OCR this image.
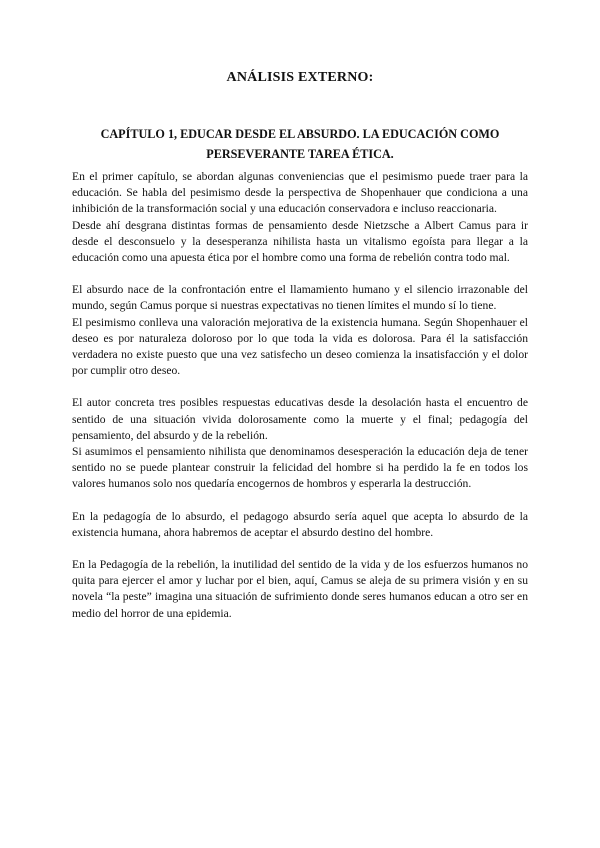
ANÁLISIS EXTERNO:
CAPÍTULO 1, EDUCAR DESDE EL ABSURDO. LA EDUCACIÓN COMO
PERSEVERANTE TAREA ÉTICA.

En el primer capítulo, se abordan algunas conveniencias que el pesimismo puede traer para la educación. Se habla del pesimismo desde la perspectiva de Shopenhauer que condiciona a una inhibición de la transformación social y una educación conservadora e incluso reaccionaria.

Desde ahí desgrana distintas formas de pensamiento desde Nietzsche a Albert Camus para ir desde el desconsuelo y la desesperanza nihilista hasta un vitalismo egoísta para llegar a la educación como una apuesta ética por el hombre como una forma de rebelión contra todo mal.

El absurdo nace de la confrontación entre el llamamiento humano y el silencio irrazonable del mundo, según Camus porque si nuestras expectativas no tienen límites el mundo sí lo tiene.

El pesimismo conlleva una valoración mejorativa de la existencia humana. Según Shopenhauer el deseo es por naturaleza doloroso por lo que toda la vida es dolorosa. Para él la satisfacción verdadera no existe puesto que una vez satisfecho un deseo comienza la insatisfacción y el dolor por cumplir otro deseo.

El autor concreta tres posibles respuestas educativas desde la desolación hasta el encuentro de sentido de una situación vivida dolorosamente como la muerte y el final; pedagogía del pensamiento, del absurdo y de la rebelión.

Si asumimos el pensamiento nihilista que denominamos desesperación la educación deja de tener sentido no se puede plantear construir la felicidad del hombre si ha perdido la fe en todos los valores humanos solo nos quedaría encogernos de hombros y esperarla la destrucción.

En la pedagogía de lo absurdo, el pedagogo absurdo sería aquel que acepta lo absurdo de la existencia humana, ahora habremos de aceptar el absurdo destino del hombre.

En la Pedagogía de la rebelión, la inutilidad del sentido de la vida y de los esfuerzos humanos no quita para ejercer el amor y luchar por el bien, aquí, Camus se aleja de su primera visión y en su novela “la peste” imagina una situación de sufrimiento donde seres humanos educan a otro ser en medio del horror de una epidemia.
